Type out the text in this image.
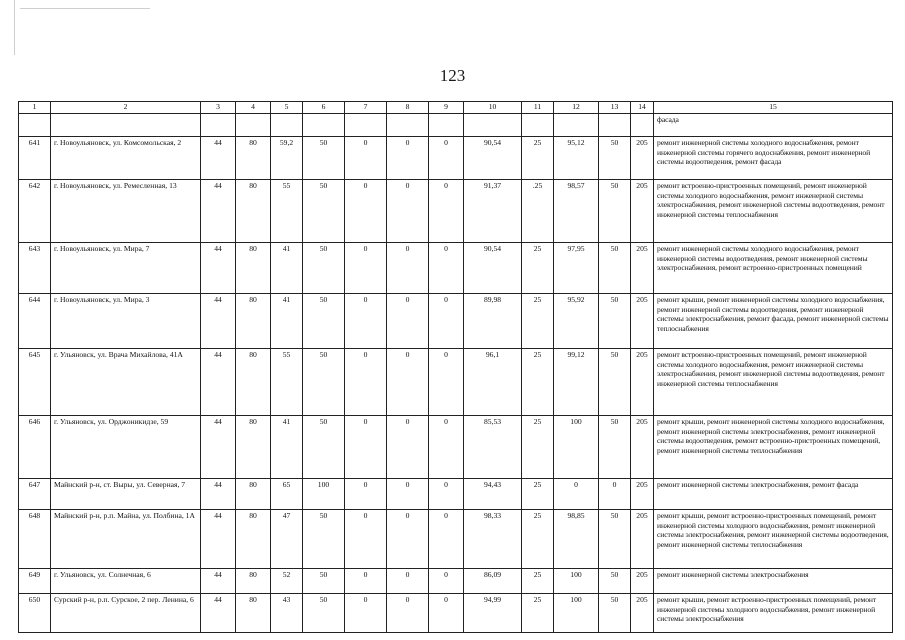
123
1	2	3	4	5	6	7	8	9	10	11	12	13	14	15
														фасада
641	г. Новоульяновск, ул. Комсомольская, 2	44	80	59,2	50	0	0	0	90,54	25	95,12	50	205	ремонт инженерной системы холодного водоснабжения, ремонт инженерной системы горячего водоснабжения, ремонт инженерной системы водоотведения, ремонт фасада
642	г. Новоульяновск, ул. Ремесленная, 13	44	80	55	50	0	0	0	91,37	.25	98,57	50	205	ремонт встроенно-пристроенных помещений, ремонт инженерной системы холодного водоснабжения, ремонт инженерной системы электроснабжения, ремонт инженерной системы водоотведения, ремонт инженерной системы теплоснабжения
643	г. Новоульяновск, ул. Мира, 7	44	80	41	50	0	0	0	90,54	25	97,95	50	205	ремонт инженерной системы холодного водоснабжения, ремонт инженерной системы водоотведения, ремонт инженерной системы электроснабжения, ремонт встроенно-пристроенных помещений
644	г. Новоульяновск, ул. Мира, 3	44	80	41	50	0	0	0	89,98	25	95,92	50	205	ремонт крыши, ремонт инженерной системы холодного водоснабжения, ремонт инженерной системы водоотведения, ремонт инженерной системы электроснабжения, ремонт фасада, ремонт инженерной системы теплоснабжения
645	г. Ульяновск, ул. Врача Михайлова, 41А	44	80	55	50	0	0	0	96,1	25	99,12	50	205	ремонт встроенно-пристроенных помещений, ремонт инженерной системы холодного водоснабжения, ремонт инженерной системы электроснабжения, ремонт инженерной системы водоотведения, ремонт инженерной системы теплоснабжения
646	г. Ульяновск, ул. Орджоникидзе, 59	44	80	41	50	0	0	0	85,53	25	100	50	205	ремонт крыши, ремонт инженерной системы холодного водоснабжения, ремонт инженерной системы электроснабжения, ремонт инженерной системы водоотведения, ремонт встроенно-пристроенных помещений, ремонт инженерной системы теплоснабжения
647	Майнский р-н, ст. Выры, ул. Северная, 7	44	80	65	100	0	0	0	94,43	25	0	0	205	ремонт инженерной системы электроснабжения, ремонт фасада
648	Майнский р-н, р.п. Майна, ул. Полбина, 1А	44	80	47	50	0	0	0	98,33	25	98,85	50	205	ремонт крыши, ремонт встроенно-пристроенных помещений, ремонт инженерной системы холодного водоснабжения, ремонт инженерной системы электроснабжения, ремонт инженерной системы водоотведения, ремонт инженерной системы теплоснабжения
649	г. Ульяновск, ул. Солнечная, 6	44	80	52	50	0	0	0	86,09	25	100	50	205	ремонт инженерной системы электроснабжения
650	Сурский р-н, р.п. Сурское, 2 пер. Ленина, 6	44	80	43	50	0	0	0	94,99	25	100	50	205	ремонт крыши, ремонт встроенно-пристроенных помещений, ремонт инженерной системы холодного водоснабжения, ремонт инженерной системы электроснабжения
